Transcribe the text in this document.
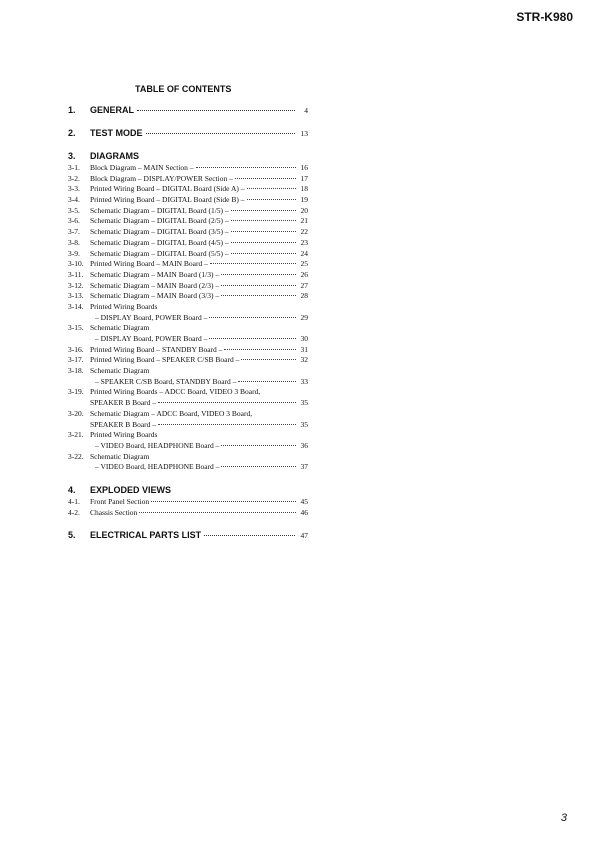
STR-K980
TABLE OF CONTENTS
1.	GENERAL	4
2.	TEST MODE	13
3.	DIAGRAMS
3-1.	Block Diagram – MAIN Section –	16
3-2.	Block Diagram – DISPLAY/POWER Section –	17
3-3.	Printed Wiring Board – DIGITAL Board (Side A) –	18
3-4.	Printed Wiring Board – DIGITAL Board (Side B) –	19
3-5.	Schematic Diagram – DIGITAL Board (1/5) –	20
3-6.	Schematic Diagram – DIGITAL Board (2/5) –	21
3-7.	Schematic Diagram – DIGITAL Board (3/5) –	22
3-8.	Schematic Diagram – DIGITAL Board (4/5) –	23
3-9.	Schematic Diagram – DIGITAL Board (5/5) –	24
3-10. Printed Wiring Board – MAIN Board –	25
3-11. Schematic Diagram – MAIN Board (1/3) –	26
3-12. Schematic Diagram – MAIN Board (2/3) –	27
3-13. Schematic Diagram – MAIN Board (3/3) –	28
3-14. Printed Wiring Boards
– DISPLAY Board, POWER Board –	29
3-15. Schematic Diagram
– DISPLAY Board, POWER Board –	30
3-16. Printed Wiring Board – STANDBY Board –	31
3-17. Printed Wiring Board – SPEAKER C/SB Board –	32
3-18. Schematic Diagram
– SPEAKER C/SB Board, STANDBY Board –	33
3-19. Printed Wiring Boards – ADCC Board, VIDEO 3 Board,
SPEAKER B Board –	35
3-20. Schematic Diagram – ADCC Board, VIDEO 3 Board,
SPEAKER B Board –	35
3-21. Printed Wiring Boards
– VIDEO Board, HEADPHONE Board –	36
3-22. Schematic Diagram
– VIDEO Board, HEADPHONE Board –	37
4.	EXPLODED VIEWS
4-1.	Front Panel Section	45
4-2.	Chassis Section	46
5.	ELECTRICAL PARTS LIST	47
3
